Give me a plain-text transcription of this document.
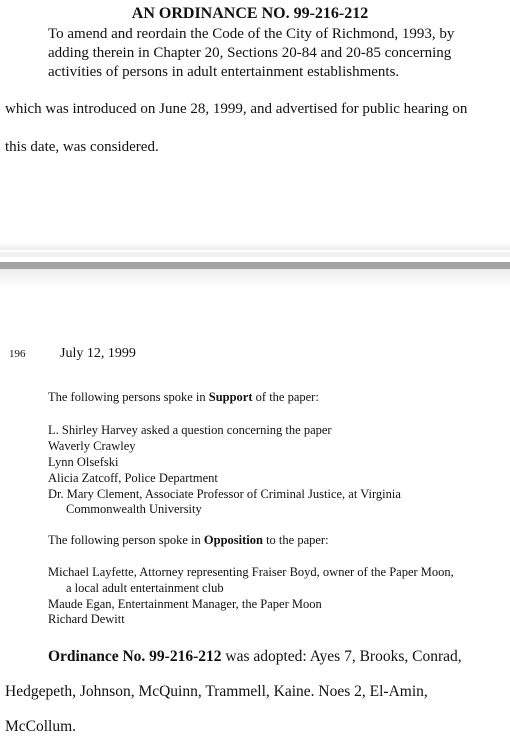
AN ORDINANCE NO. 99-216-212
To amend and reordain the Code of the City of Richmond, 1993, by
adding therein in Chapter 20, Sections 20-84 and 20-85 concerning
activities of persons in adult entertainment establishments.
which was introduced on June 28, 1999, and advertised for public hearing on
this date, was considered.
196 July 12, 1999
The following persons spoke in Support of the paper:
L. Shirley Harvey asked a question concerning the paper
Waverly Crawley
Lynn Olsefski
Alicia Zatcoff, Police Department
Dr. Mary Clement, Associate Professor of Criminal Justice, at Virginia
Commonwealth University
The following person spoke in Opposition to the paper:
Michael Layfette, Attorney representing Fraiser Boyd, owner of the Paper Moon,
a local adult entertainment club
Maude Egan, Entertainment Manager, the Paper Moon
Richard Dewitt
Ordinance No. 99-216-212 was adopted: Ayes 7, Brooks, Conrad,
Hedgepeth, Johnson, McQuinn, Trammell, Kaine. Noes 2, El-Amin,
McCollum.
